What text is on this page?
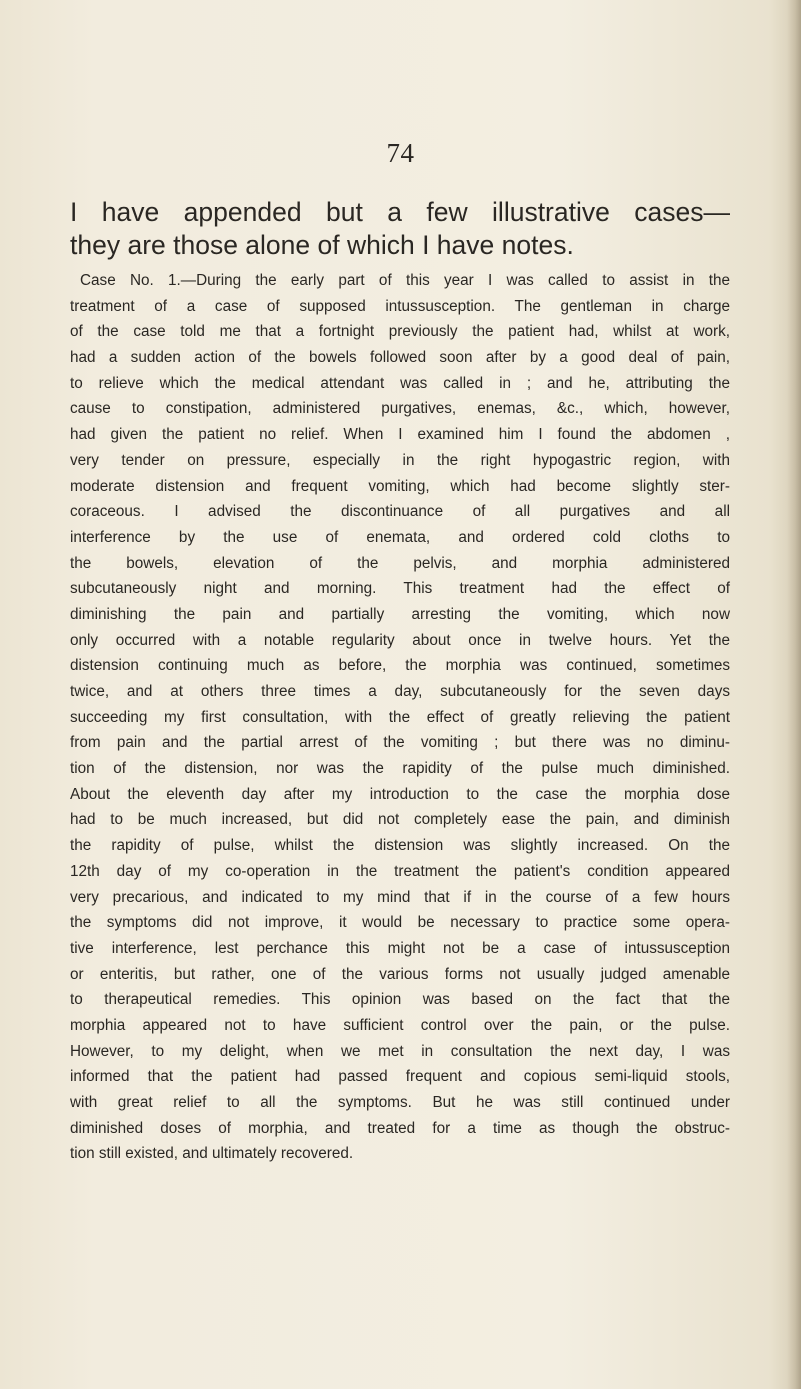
74
I have appended but a few illustrative cases—
they are those alone of which I have notes.
Case No. 1.—During the early part of this year I was called to assist in the
treatment of a case of supposed intussusception. The gentleman in charge
of the case told me that a fortnight previously the patient had, whilst at work,
had a sudden action of the bowels followed soon after by a good deal of pain,
to relieve which the medical attendant was called in ; and he, attributing the
cause to constipation, administered purgatives, enemas, &c., which, however,
had given the patient no relief. When I examined him I found the abdomen ,
very tender on pressure, especially in the right hypogastric region, with
moderate distension and frequent vomiting, which had become slightly ster-
coraceous. I advised the discontinuance of all purgatives and all
interference by the use of enemata, and ordered cold cloths to
the bowels, elevation of the pelvis, and morphia administered
subcutaneously night and morning. This treatment had the effect of
diminishing the pain and partially arresting the vomiting, which now
only occurred with a notable regularity about once in twelve hours. Yet the
distension continuing much as before, the morphia was continued, sometimes
twice, and at others three times a day, subcutaneously for the seven days
succeeding my first consultation, with the effect of greatly relieving the patient
from pain and the partial arrest of the vomiting ; but there was no diminu-
tion of the distension, nor was the rapidity of the pulse much diminished.
About the eleventh day after my introduction to the case the morphia dose
had to be much increased, but did not completely ease the pain, and diminish
the rapidity of pulse, whilst the distension was slightly increased. On the
12th day of my co-operation in the treatment the patient's condition appeared
very precarious, and indicated to my mind that if in the course of a few hours
the symptoms did not improve, it would be necessary to practice some opera-
tive interference, lest perchance this might not be a case of intussusception
or enteritis, but rather, one of the various forms not usually judged amenable
to therapeutical remedies. This opinion was based on the fact that the
morphia appeared not to have sufficient control over the pain, or the pulse.
However, to my delight, when we met in consultation the next day, I was
informed that the patient had passed frequent and copious semi-liquid stools,
with great relief to all the symptoms. But he was still continued under
diminished doses of morphia, and treated for a time as though the obstruc-
tion still existed, and ultimately recovered.
